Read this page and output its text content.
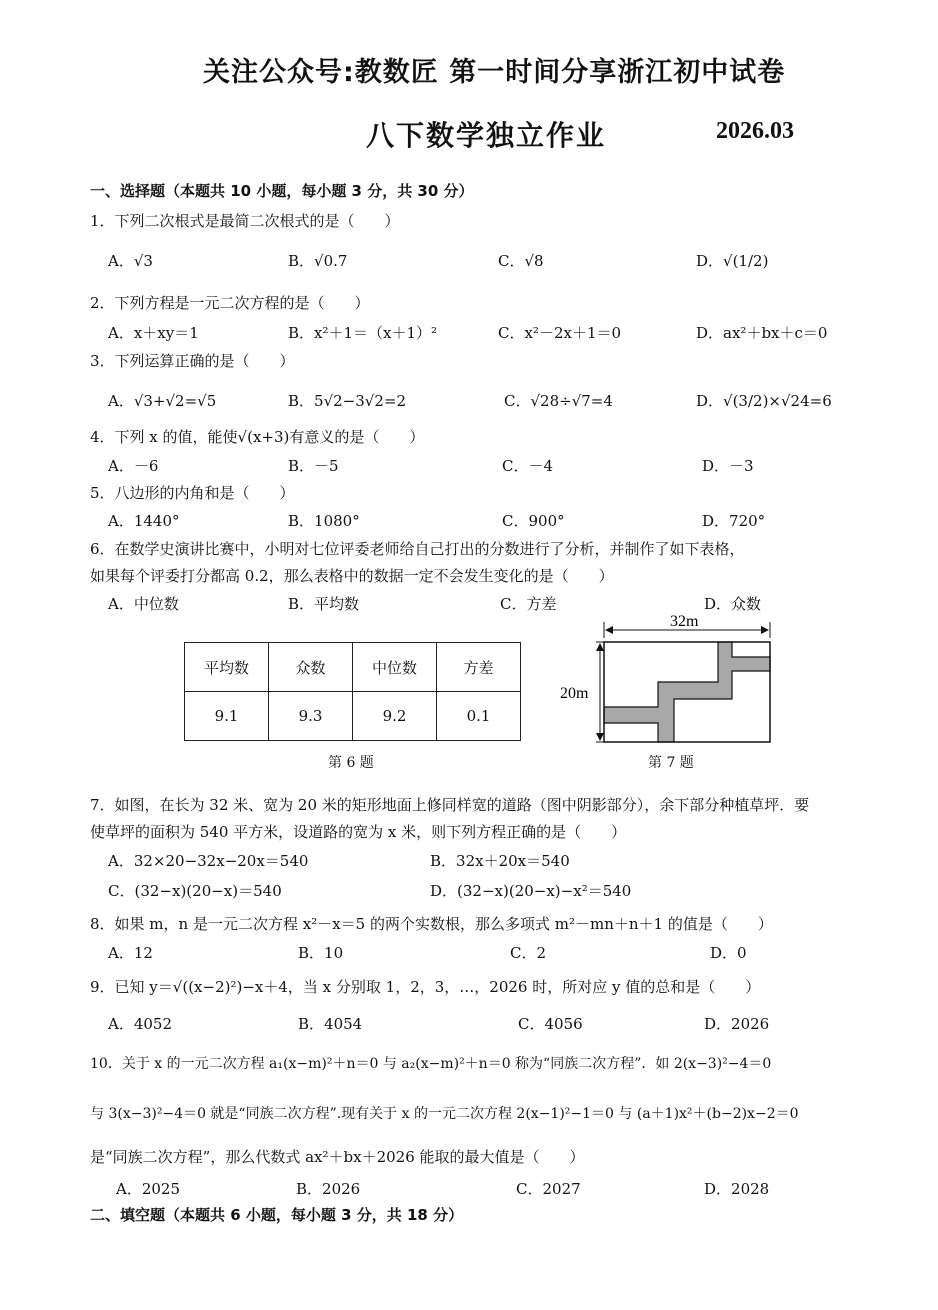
关注公众号:教数匠 第一时间分享浙江初中试卷
八下数学独立作业	2026.03
一、选择题（本题共 10 小题，每小题 3 分，共 30 分）
1．下列二次根式是最简二次根式的是（　　）
A．√3	B．√0.7	C．√8	D．√(1/2)
2．下列方程是一元二次方程的是（　　）
A．x＋xy＝1	B．x²＋1＝（x＋1）²	C．x²－2x＋1＝0	D．ax²＋bx＋c＝0
3．下列运算正确的是（　　）
A．√3+√2=√5	B．5√2−3√2=2	C．√28÷√7=4	D．√(3/2)×√24=6
4．下列 x 的值，能使√(x+3)有意义的是（　　）
A．－6	B．－5	C．－4	D．－3
5．八边形的内角和是（　　）
A．1440°	B．1080°	C．900°	D．720°
6．在数学史演讲比赛中，小明对七位评委老师给自己打出的分数进行了分析，并制作了如下表格，
如果每个评委打分都高 0.2，那么表格中的数据一定不会发生变化的是（　　）
A．中位数	B．平均数	C．方差	D．众数
平均数	众数	中位数	方差
9.1	9.3	9.2	0.1
第 6 题
32m
20m
第 7 题
7．如图，在长为 32 米、宽为 20 米的矩形地面上修同样宽的道路（图中阴影部分），余下部分种植草坪．要
使草坪的面积为 540 平方米，设道路的宽为 x 米，则下列方程正确的是（　　）
A．32×20−32x−20x＝540	B．32x＋20x＝540
C．(32−x)(20−x)＝540	D．(32−x)(20−x)−x²＝540
8．如果 m，n 是一元二次方程 x²－x＝5 的两个实数根，那么多项式 m²－mn＋n＋1 的值是（　　）
A．12	B．10	C．2	D．0
9．已知 y＝√((x−2)²)−x＋4，当 x 分别取 1，2，3，…，2026 时，所对应 y 值的总和是（　　）
A．4052	B．4054	C．4056	D．2026
10．关于 x 的一元二次方程 a₁(x−m)²＋n＝0 与 a₂(x−m)²＋n＝0 称为“同族二次方程”．如 2(x−3)²−4＝0
与 3(x−3)²−4＝0 就是“同族二次方程”.现有关于 x 的一元二次方程 2(x−1)²−1＝0 与 (a＋1)x²＋(b−2)x−2＝0
是“同族二次方程”，那么代数式 ax²＋bx＋2026 能取的最大值是（　　）
A．2025	B．2026	C．2027	D．2028
二、填空题（本题共 6 小题，每小题 3 分，共 18 分）
